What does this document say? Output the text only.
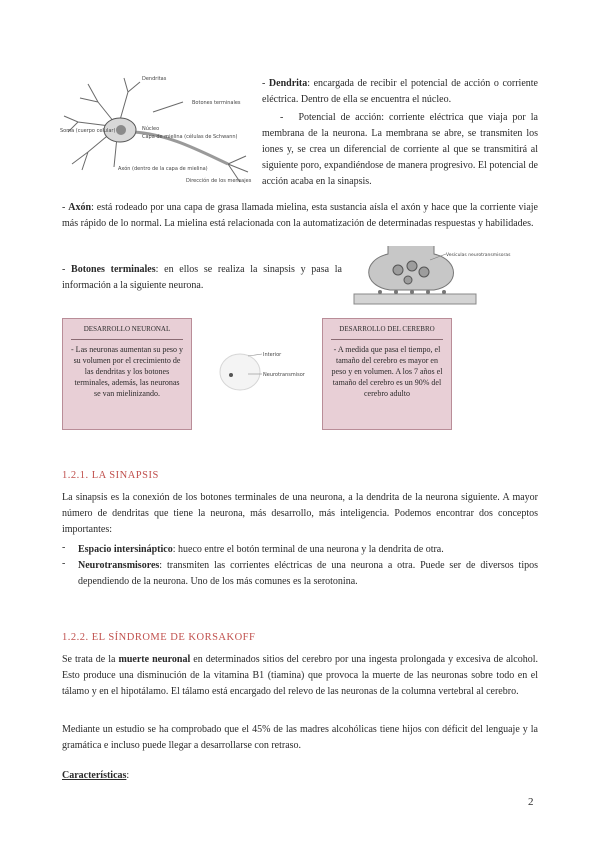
Dendritas
Botones terminales
Soma (cuerpo celular)	Núcleo
Capa de mielina (células de Schwann)
Axón (dentro de la capa de mielina)
Dirección de los mensajes

- Dendrita: encargada de recibir el potencial de acción o corriente eléctrica. Dentro de ella se encuentra el núcleo.

- Potencial de acción: corriente eléctrica que viaja por la membrana de la neurona. La membrana se abre, se transmiten los iones y, se crea un diferencial de corriente al que se transmitirá al siguiente poro, expandiéndose de manera progresivo. El potencial de acción acaba en la sinapsis.

- Axón: está rodeado por una capa de grasa llamada mielina, esta sustancia aísla el axón y hace que la corriente viaje más rápido de lo normal. La mielina está relacionada con la automatización de determinadas respuestas y habilidades.

- Botones terminales: en ellos se realiza la sinapsis y pasa la información a la siguiente neurona.

Vesículas neurotransmisoras
DESARROLLO NEURONAL
- Las neuronas aumentan su peso y su volumen por el crecimiento de las dendritas y los botones terminales, además, las neuronas se van mielinizando.
Interior
Neurotransmisor
DESARROLLO DEL CEREBRO
- A medida que pasa el tiempo, el tamaño del cerebro es mayor en peso y en volumen. A los 7 años el tamaño del cerebro es un 90% del cerebro adulto
1.2.1. LA SINAPSIS

La sinapsis es la conexión de los botones terminales de una neurona, a la dendrita de la neurona siguiente. A mayor número de dendritas que tiene la neurona, más desarrollo, más inteligencia. Podemos encontrar dos conceptos importantes:

- Espacio intersináptico: hueco entre el botón terminal de una neurona y la dendrita de otra.
- Neurotransmisores: transmiten las corrientes eléctricas de una neurona a otra. Puede ser de diversos tipos dependiendo de la neurona. Uno de los más comunes es la serotonina.
1.2.2. EL SÍNDROME DE KORSAKOFF

Se trata de la muerte neuronal en determinados sitios del cerebro por una ingesta prolongada y excesiva de alcohol. Esto produce una disminución de la vitamina B1 (tiamina) que provoca la muerte de las neuronas sobre todo en el tálamo y en el hipotálamo. El tálamo está encargado del relevo de las neuronas de la columna vertebral al cerebro.

Mediante un estudio se ha comprobado que el 45% de las madres alcohólicas tiene hijos con déficit del lenguaje y la gramática e incluso puede llegar a desarrollarse con retraso.

Características:

2
